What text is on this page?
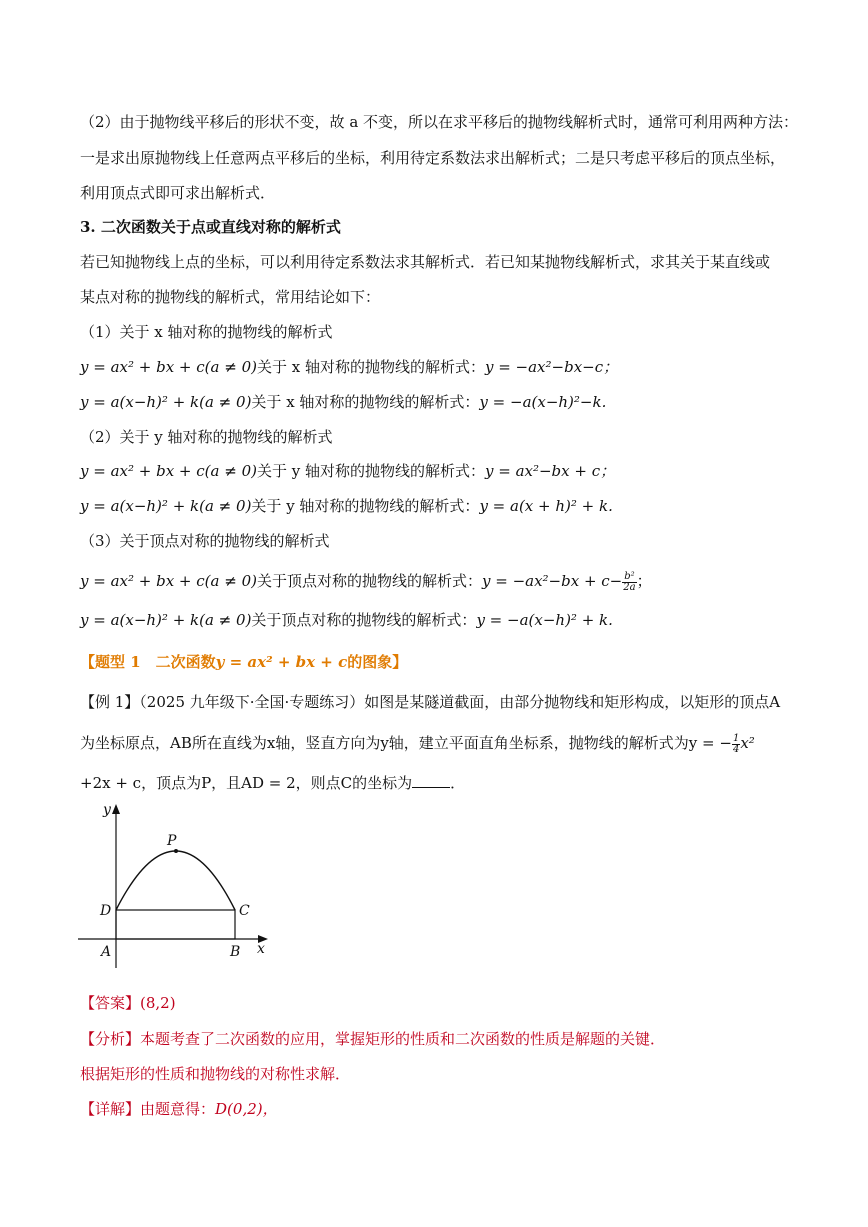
（2）由于抛物线平移后的形状不变，故 a 不变，所以在求平移后的抛物线解析式时，通常可利用两种方法：
一是求出原抛物线上任意两点平移后的坐标，利用待定系数法求出解析式；二是只考虑平移后的顶点坐标，
利用顶点式即可求出解析式．
3. 二次函数关于点或直线对称的解析式
若已知抛物线上点的坐标，可以利用待定系数法求其解析式．若已知某抛物线解析式，求其关于某直线或
某点对称的抛物线的解析式，常用结论如下：
（1）关于 x 轴对称的抛物线的解析式
y = ax² + bx + c(a ≠ 0)关于 x 轴对称的抛物线的解析式：y = −ax²−bx−c；
y = a(x−h)² + k(a ≠ 0)关于 x 轴对称的抛物线的解析式：y = −a(x−h)²−k.
（2）关于 y 轴对称的抛物线的解析式
y = ax² + bx + c(a ≠ 0)关于 y 轴对称的抛物线的解析式：y = ax²−bx + c；
y = a(x−h)² + k(a ≠ 0)关于 y 轴对称的抛物线的解析式：y = a(x + h)² + k.
（3）关于顶点对称的抛物线的解析式
y = ax² + bx + c(a ≠ 0)关于顶点对称的抛物线的解析式：$y = -ax^2-bx + c- \frac{\text{b²}}{2a}$ ；
y = a(x−h)² + k(a ≠ 0)关于顶点对称的抛物线的解析式：y = −a(x−h)² + k.
【题型 1　二次函数y = ax² + bx + c的图象】
【例 1】（2025 九年级下·全国·专题练习）如图是某隧道截面，由部分抛物线和矩形构成，以矩形的顶点A
为坐标原点，AB所在直线为x轴，竖直方向为y轴，建立平面直角坐标系，抛物线的解析式为y = − $\frac{1}{4} x^2$
+2x + c，顶点为P，且AD = 2，则点C的坐标为	．
y
x
P
D	C
A	B
【答案】(8,2)
【分析】本题考查了二次函数的应用，掌握矩形的性质和二次函数的性质是解题的关键．
根据矩形的性质和抛物线的对称性求解．
【详解】由题意得：D(0,2)，
